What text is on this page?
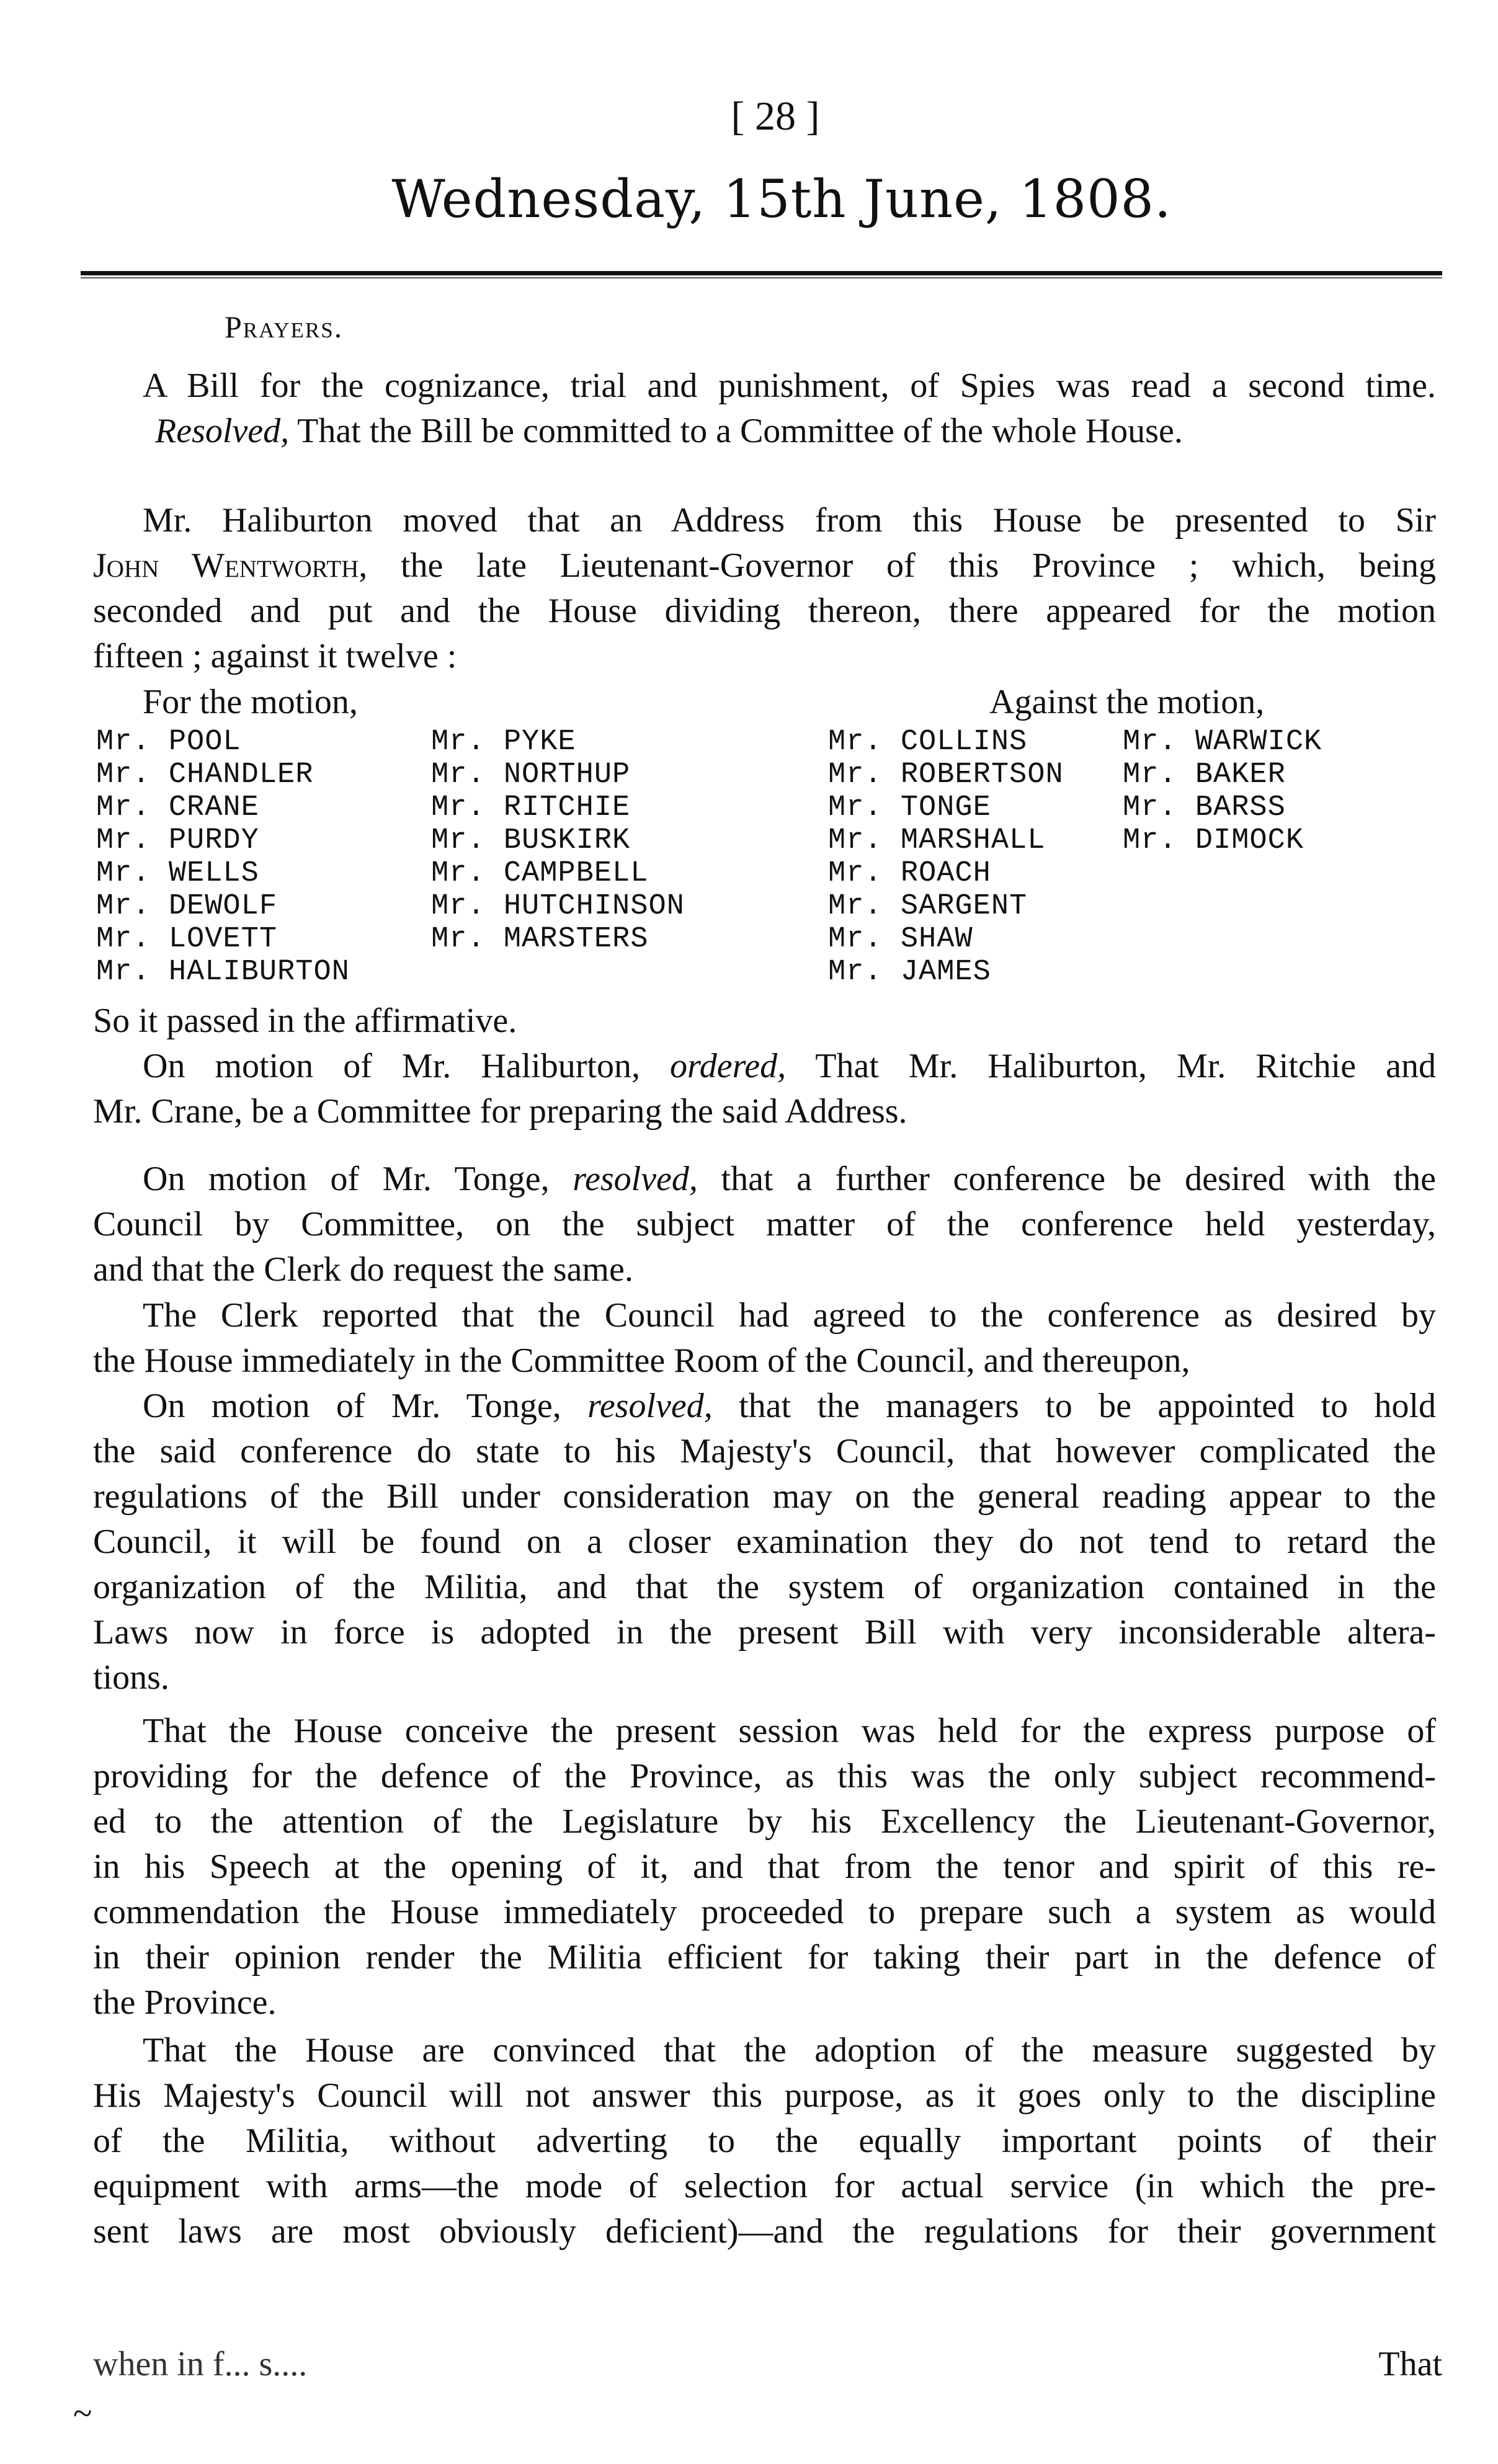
[ 28 ]
Wednesday, 15th June, 1808.
Prayers.
A Bill for the cognizance, trial and punishment, of Spies was read a second time.
Resolved, That the Bill be committed to a Committee of the whole House.
Mr. Haliburton moved that an Address from this House be presented to Sir
John Wentworth, the late Lieutenant-Governor of this Province ; which, being
seconded and put and the House dividing thereon, there appeared for the motion
fifteen ; against it twelve :
For the motion,	Against the motion,
Mr. POOL
Mr. CHANDLER
Mr. CRANE
Mr. PURDY
Mr. WELLS
Mr. DEWOLF
Mr. LOVETT
Mr. HALIBURTON
Mr. PYKE
Mr. NORTHUP
Mr. RITCHIE
Mr. BUSKIRK
Mr. CAMPBELL
Mr. HUTCHINSON
Mr. MARSTERS
Mr. COLLINS
Mr. ROBERTSON
Mr. TONGE
Mr. MARSHALL
Mr. ROACH
Mr. SARGENT
Mr. SHAW
Mr. JAMES
Mr. WARWICK
Mr. BAKER
Mr. BARSS
Mr. DIMOCK
So it passed in the affirmative.
On motion of Mr. Haliburton, ordered, That Mr. Haliburton, Mr. Ritchie and
Mr. Crane, be a Committee for preparing the said Address.
On motion of Mr. Tonge, resolved, that a further conference be desired with the
Council by Committee, on the subject matter of the conference held yesterday,
and that the Clerk do request the same.
The Clerk reported that the Council had agreed to the conference as desired by
the House immediately in the Committee Room of the Council, and thereupon,
On motion of Mr. Tonge, resolved, that the managers to be appointed to hold
the said conference do state to his Majesty's Council, that however complicated the
regulations of the Bill under consideration may on the general reading appear to the
Council, it will be found on a closer examination they do not tend to retard the
organization of the Militia, and that the system of organization contained in the
Laws now in force is adopted in the present Bill with very inconsiderable altera-
tions.
That the House conceive the present session was held for the express purpose of
providing for the defence of the Province, as this was the only subject recommend-
ed to the attention of the Legislature by his Excellency the Lieutenant-Governor,
in his Speech at the opening of it, and that from the tenor and spirit of this re-
commendation the House immediately proceeded to prepare such a system as would
in their opinion render the Militia efficient for taking their part in the defence of
the Province.
That the House are convinced that the adoption of the measure suggested by
His Majesty's Council will not answer this purpose, as it goes only to the discipline
of the Militia, without adverting to the equally important points of their
equipment with arms—the mode of selection for actual service (in which the pre-
sent laws are most obviously deficient)—and the regulations for their government
when in f... s....	That
~
